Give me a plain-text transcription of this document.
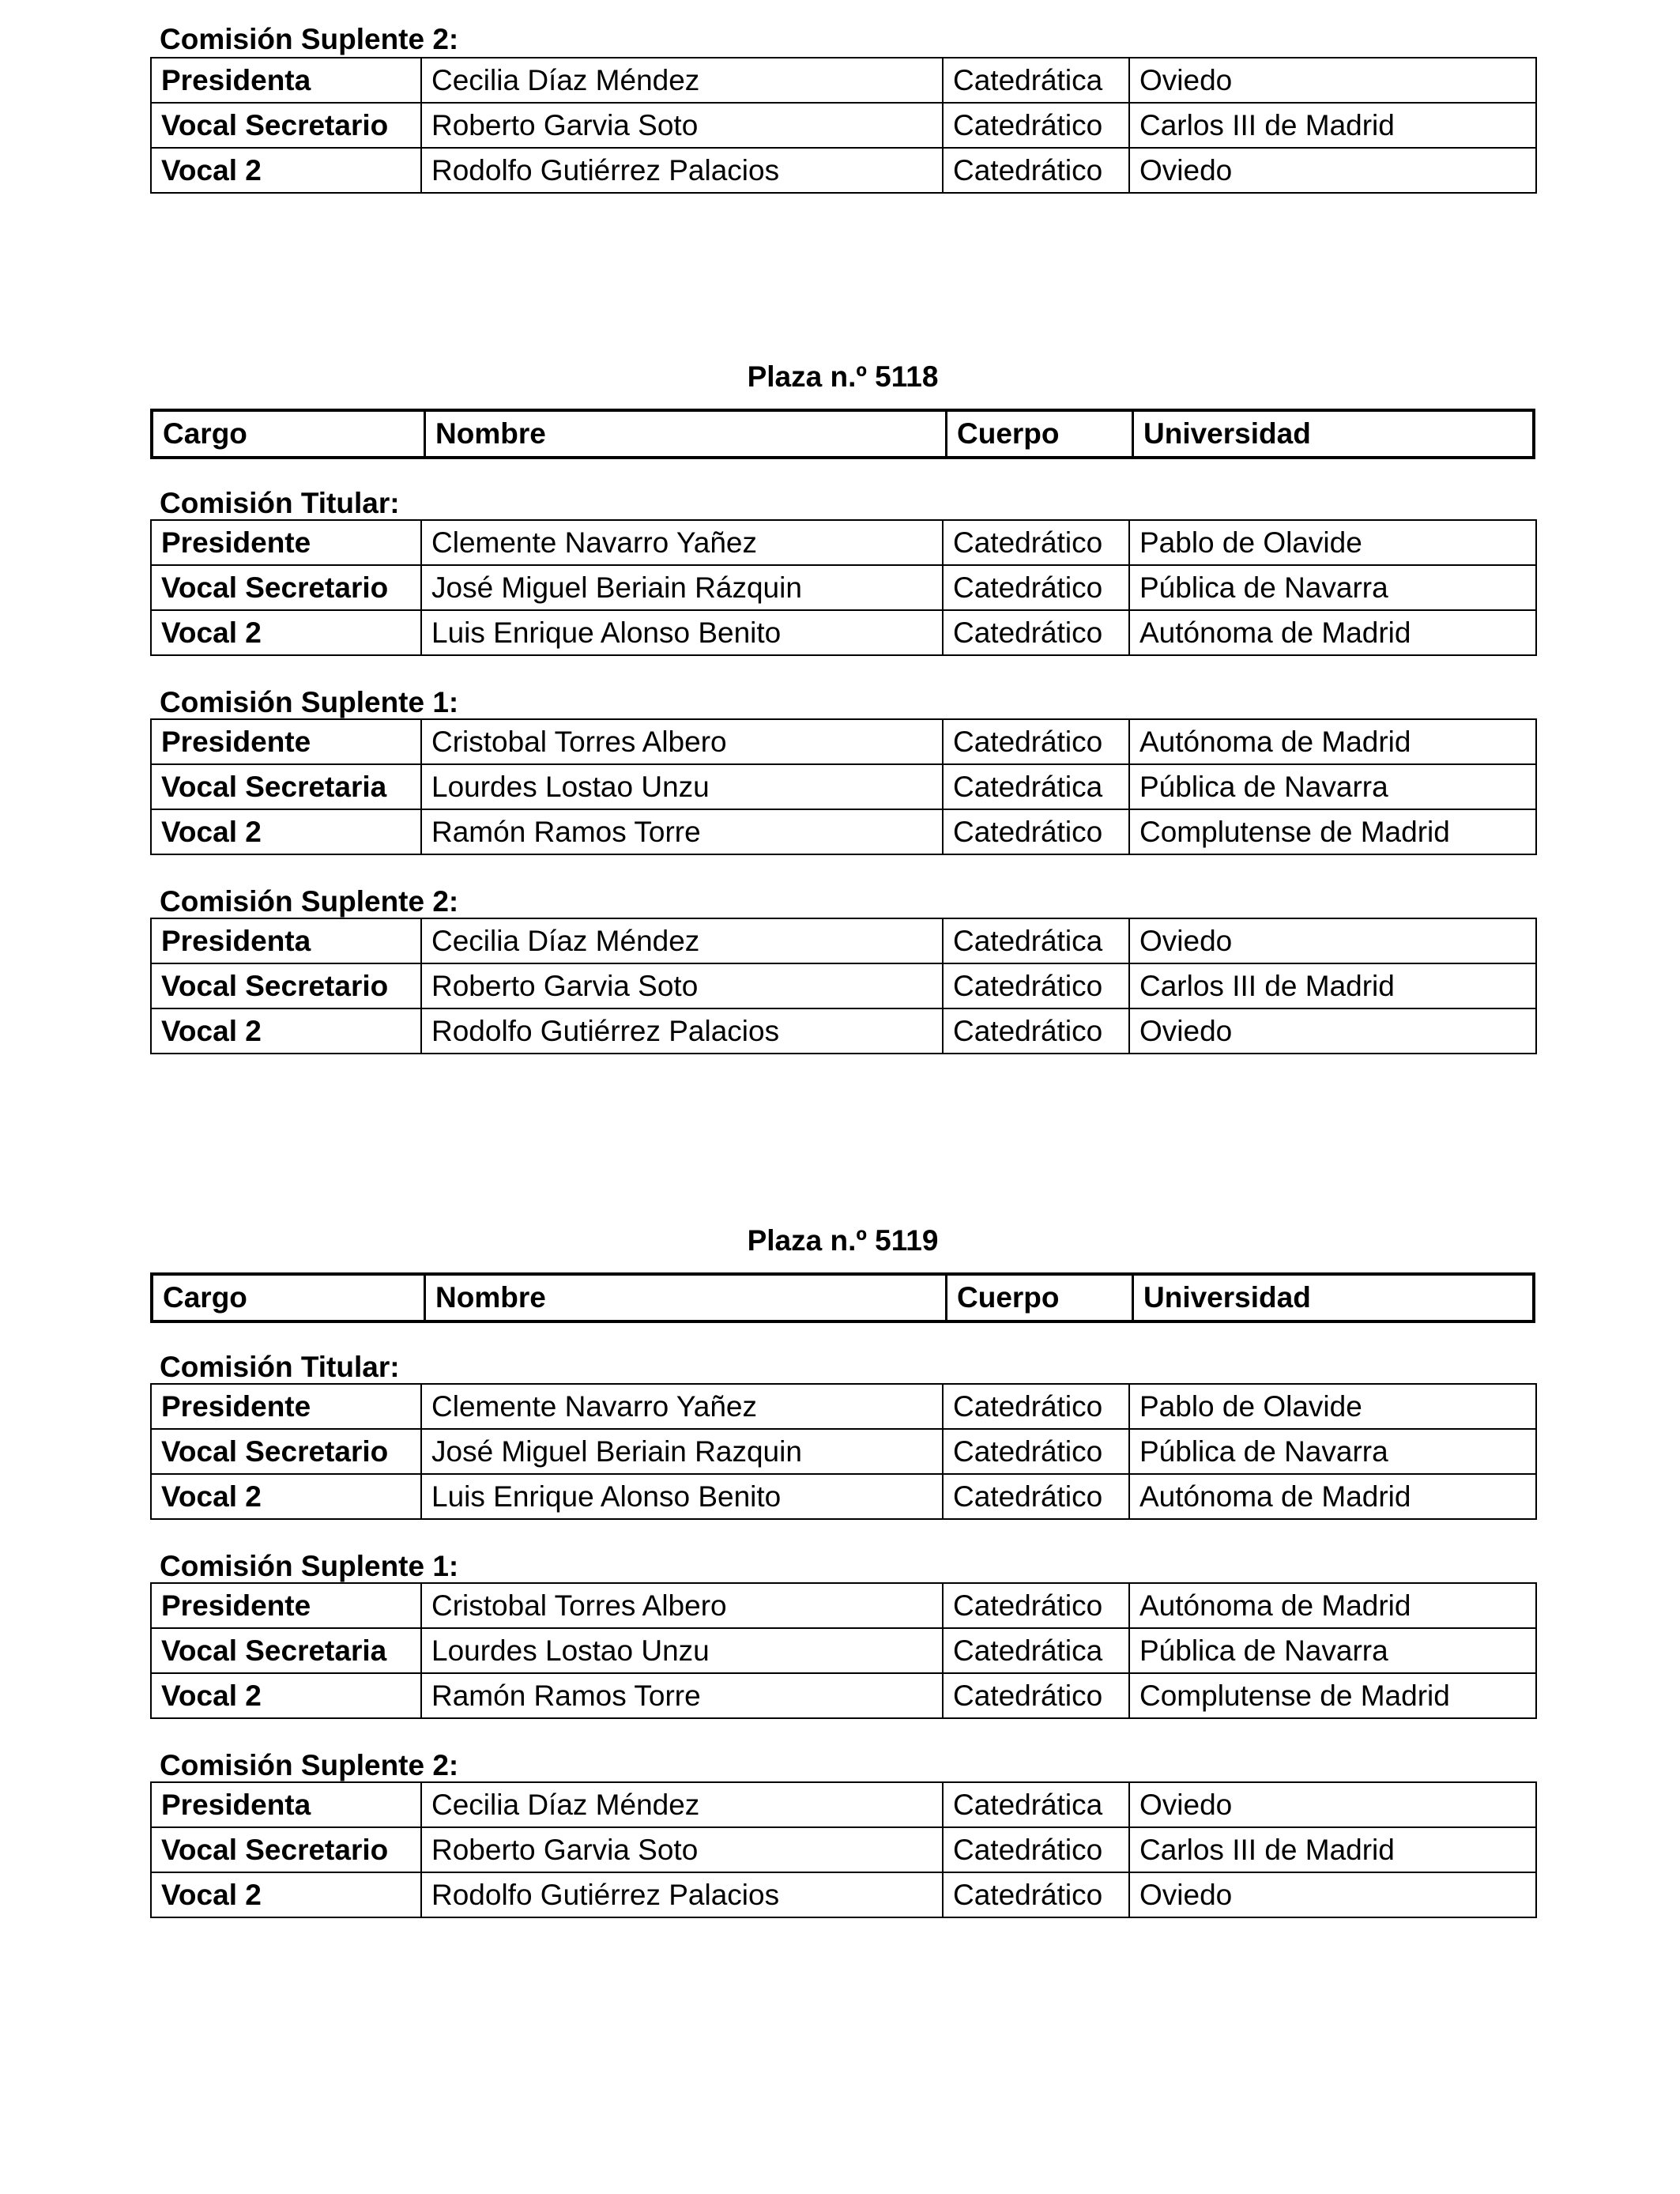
Comisión Suplente 2:
Presidenta	Cecilia Díaz Méndez	Catedrática	Oviedo
Vocal Secretario	Roberto Garvia Soto	Catedrático	Carlos III de Madrid
Vocal 2	Rodolfo Gutiérrez Palacios	Catedrático	Oviedo
Plaza n.º 5118
Cargo	Nombre	Cuerpo	Universidad
Comisión Titular:
Presidente	Clemente Navarro Yañez	Catedrático	Pablo de Olavide
Vocal Secretario	José Miguel Beriain Rázquin	Catedrático	Pública de Navarra
Vocal 2	Luis Enrique Alonso Benito	Catedrático	Autónoma de Madrid
Comisión Suplente 1:
Presidente	Cristobal Torres Albero	Catedrático	Autónoma de Madrid
Vocal Secretaria	Lourdes Lostao Unzu	Catedrática	Pública de Navarra
Vocal 2	Ramón Ramos Torre	Catedrático	Complutense de Madrid
Comisión Suplente 2:
Presidenta	Cecilia Díaz Méndez	Catedrática	Oviedo
Vocal Secretario	Roberto Garvia Soto	Catedrático	Carlos III de Madrid
Vocal 2	Rodolfo Gutiérrez Palacios	Catedrático	Oviedo
Plaza n.º 5119
Cargo	Nombre	Cuerpo	Universidad
Comisión Titular:
Presidente	Clemente Navarro Yañez	Catedrático	Pablo de Olavide
Vocal Secretario	José Miguel Beriain Razquin	Catedrático	Pública de Navarra
Vocal 2	Luis Enrique Alonso Benito	Catedrático	Autónoma de Madrid
Comisión Suplente 1:
Presidente	Cristobal Torres Albero	Catedrático	Autónoma de Madrid
Vocal Secretaria	Lourdes Lostao Unzu	Catedrática	Pública de Navarra
Vocal 2	Ramón Ramos Torre	Catedrático	Complutense de Madrid
Comisión Suplente 2:
Presidenta	Cecilia Díaz Méndez	Catedrática	Oviedo
Vocal Secretario	Roberto Garvia Soto	Catedrático	Carlos III de Madrid
Vocal 2	Rodolfo Gutiérrez Palacios	Catedrático	Oviedo
